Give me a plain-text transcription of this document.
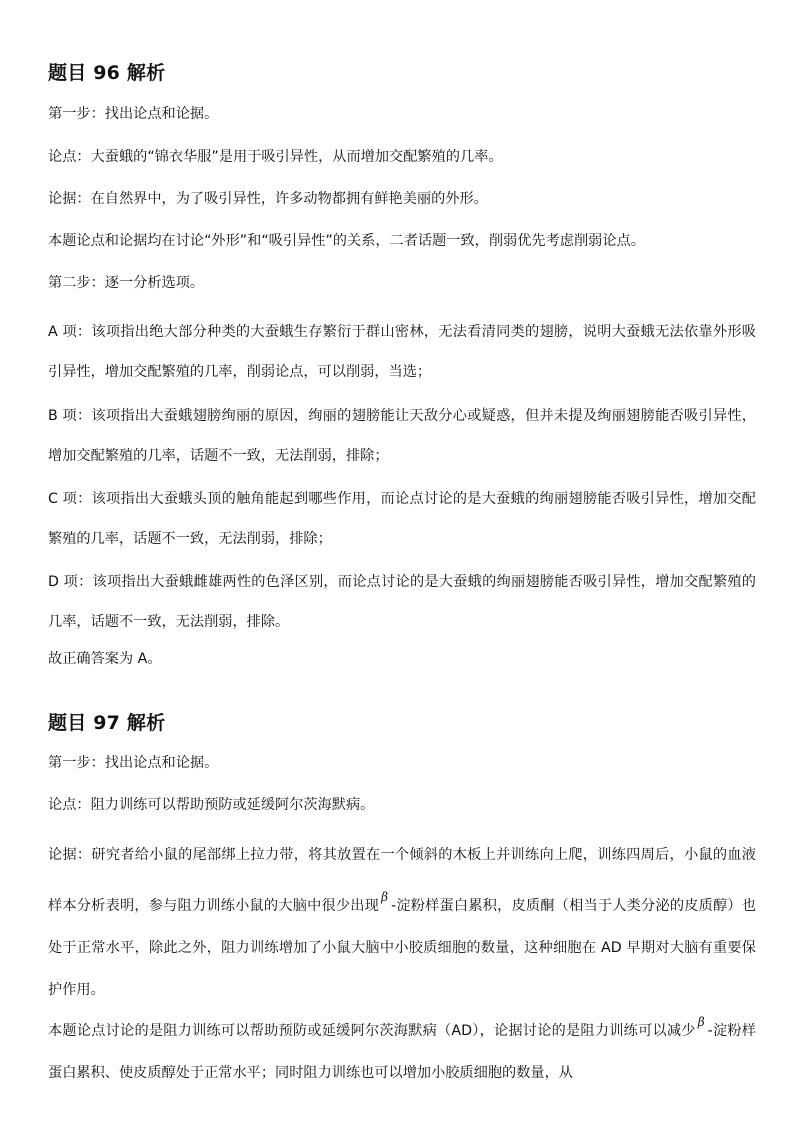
题目 96 解析

第一步：找出论点和论据。

论点：大蚕蛾的“锦衣华服”是用于吸引异性，从而增加交配繁殖的几率。

论据：在自然界中，为了吸引异性，许多动物都拥有鲜艳美丽的外形。

本题论点和论据均在讨论“外形”和“吸引异性”的关系，二者话题一致，削弱优先考虑削弱论点。

第二步：逐一分析选项。

A 项：该项指出绝大部分种类的大蚕蛾生存繁衍于群山密林，无法看清同类的翅膀，说明大蚕蛾无法依靠外形吸引异性，增加交配繁殖的几率，削弱论点，可以削弱，当选；

B 项：该项指出大蚕蛾翅膀绚丽的原因，绚丽的翅膀能让天敌分心或疑惑，但并未提及绚丽翅膀能否吸引异性，增加交配繁殖的几率，话题不一致，无法削弱，排除；

C 项：该项指出大蚕蛾头顶的触角能起到哪些作用，而论点讨论的是大蚕蛾的绚丽翅膀能否吸引异性，增加交配繁殖的几率，话题不一致，无法削弱，排除；

D 项：该项指出大蚕蛾雌雄两性的色泽区别，而论点讨论的是大蚕蛾的绚丽翅膀能否吸引异性，增加交配繁殖的几率，话题不一致，无法削弱，排除。

故正确答案为 A。

题目 97 解析

第一步：找出论点和论据。

论点：阻力训练可以帮助预防或延缓阿尔茨海默病。

论据：研究者给小鼠的尾部绑上拉力带，将其放置在一个倾斜的木板上并训练向上爬，训练四周后，小鼠的血液样本分析表明，参与阻力训练小鼠的大脑中很少出现$^\beta$-淀粉样蛋白累积，皮质酮（相当于人类分泌的皮质醇）也处于正常水平，除此之外，阻力训练增加了小鼠大脑中小胶质细胞的数量，这种细胞在 AD 早期对大脑有重要保护作用。

本题论点讨论的是阻力训练可以帮助预防或延缓阿尔茨海默病（AD），论据讨论的是阻力训练可以减少$^\beta$-淀粉样蛋白累积、使皮质醇处于正常水平；同时阻力训练也可以增加小胶质细胞的数量，从
